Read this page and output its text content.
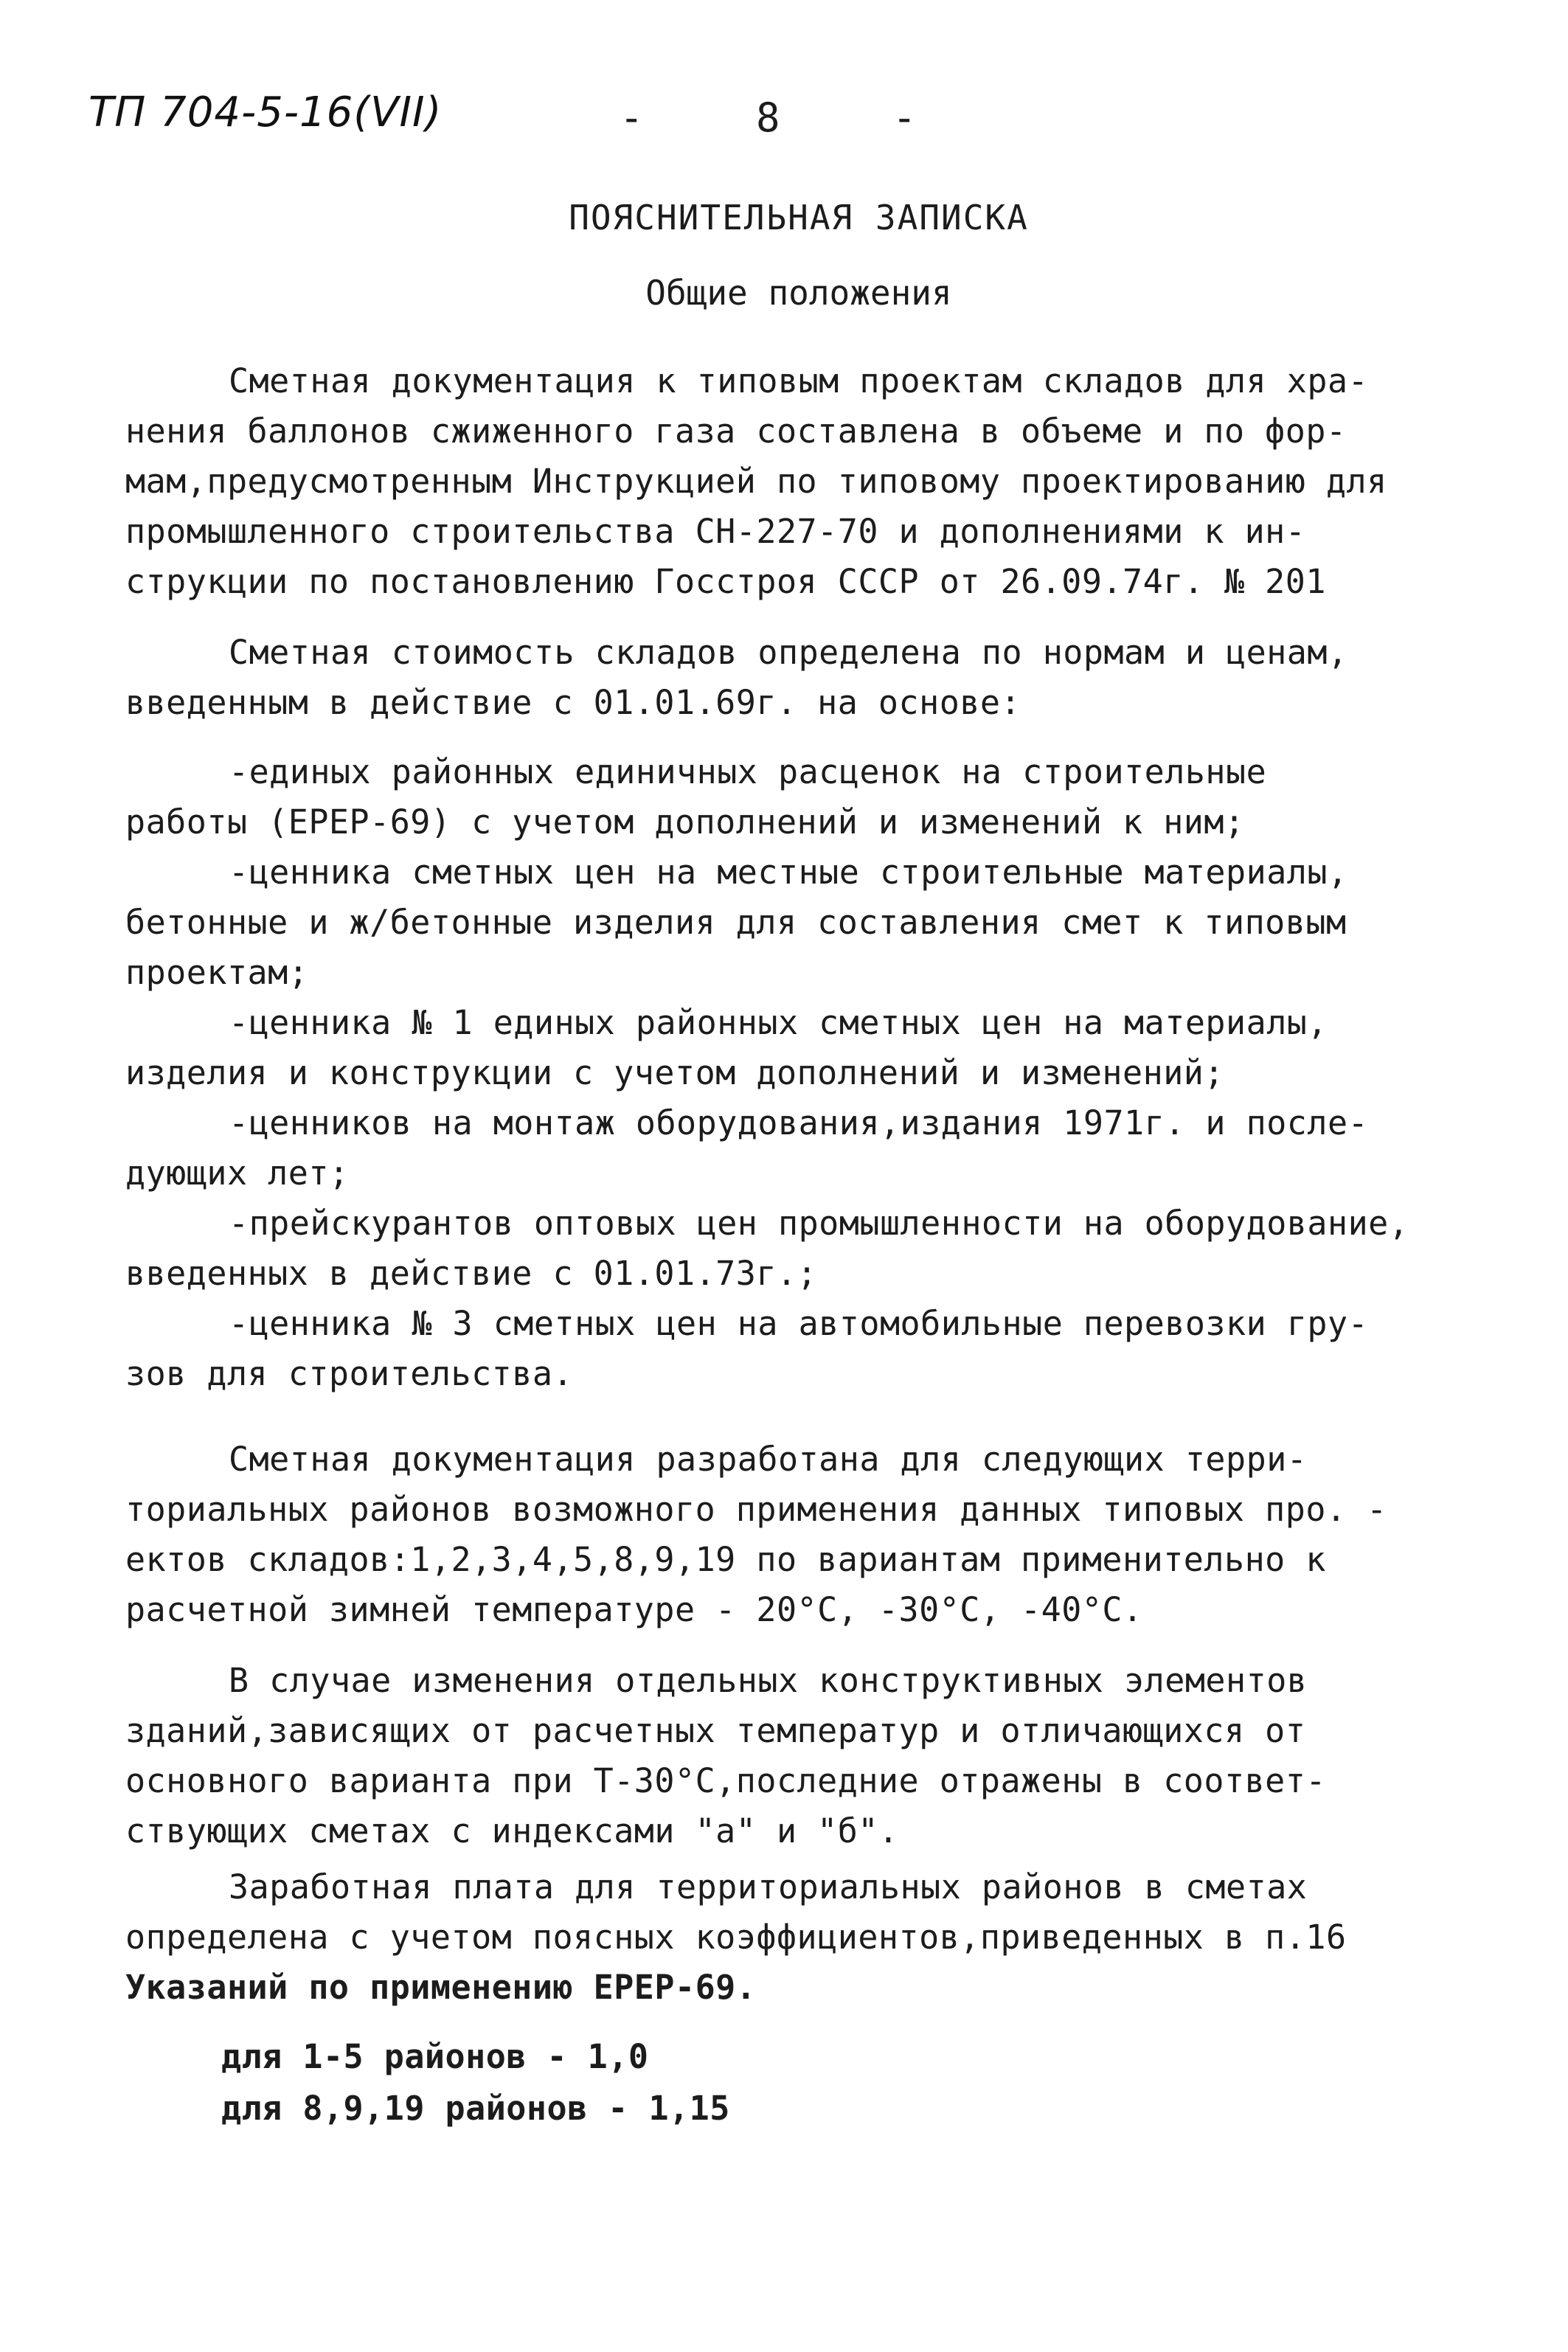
ТП 704-5-16(VII)	- 8 -
ПОЯСНИТЕЛЬНАЯ ЗАПИСКА
Общие положения
Сметная документация к типовым проектам складов для хра-
нения баллонов сжиженного газа составлена в объеме и по фор-
мам,предусмотренным Инструкцией по типовому проектированию для
промышленного строительства СН-227-70 и дополнениями к ин-
струкции по постановлению Госстроя СССР от 26.09.74г. № 201
Сметная стоимость складов определена по нормам и ценам,
введенным в действие с 01.01.69г. на основе:
-единых районных единичных расценок на строительные
работы (ЕРЕР-69) с учетом дополнений и изменений к ним;
-ценника сметных цен на местные строительные материалы,
бетонные и ж/бетонные изделия для составления смет к типовым
проектам;
-ценника № 1 единых районных сметных цен на материалы,
изделия и конструкции с учетом дополнений и изменений;
-ценников на монтаж оборудования,издания 1971г. и после-
дующих лет;
-прейскурантов оптовых цен промышленности на оборудование,
введенных в действие с 01.01.73г.;
-ценника № 3 сметных цен на автомобильные перевозки гру-
зов для строительства.
Сметная документация разработана для следующих терри-
ториальных районов возможного применения данных типовых про. -
ектов складов:1,2,3,4,5,8,9,19 по вариантам применительно к
расчетной зимней температуре - 20°С, -30°С, -40°С.
В случае изменения отдельных конструктивных элементов
зданий,зависящих от расчетных температур и отличающихся от
основного варианта при Т-30°С,последние отражены в соответ-
ствующих сметах с индексами "а" и "б".
Заработная плата для территориальных районов в сметах
определена с учетом поясных коэффициентов,приведенных в п.16
Указаний по применению ЕРЕР-69.
для 1-5 районов - 1,0
для 8,9,19 районов - 1,15
